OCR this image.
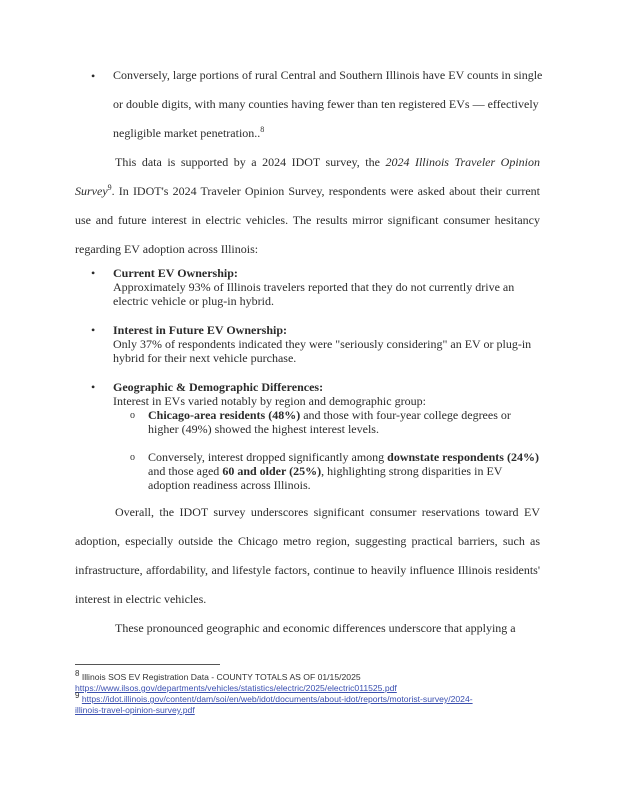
• Conversely, large portions of rural Central and Southern Illinois have EV counts in single
or double digits, with many counties having fewer than ten registered EVs — effectively
negligible market penetration..$^8$

This data is supported by a 2024 IDOT survey, the 2024 Illinois Traveler Opinion Survey$^9$. In IDOT's 2024 Traveler Opinion Survey, respondents were asked about their current use and future interest in electric vehicles. The results mirror significant consumer hesitancy regarding EV adoption across Illinois:

• Current EV Ownership:
Approximately 93% of Illinois travelers reported that they do not currently drive an electric vehicle or plug-in hybrid.
• Interest in Future EV Ownership:
Only 37% of respondents indicated they were "seriously considering" an EV or plug-in hybrid for their next vehicle purchase.
• Geographic & Demographic Differences:
Interest in EVs varied notably by region and demographic group:
o Chicago-area residents (48%) and those with four-year college degrees or higher (49%) showed the highest interest levels.
o Conversely, interest dropped significantly among downstate respondents (24%) and those aged 60 and older (25%), highlighting strong disparities in EV adoption readiness across Illinois.

Overall, the IDOT survey underscores significant consumer reservations toward EV adoption, especially outside the Chicago metro region, suggesting practical barriers, such as infrastructure, affordability, and lifestyle factors, continue to heavily influence Illinois residents' interest in electric vehicles.

These pronounced geographic and economic differences underscore that applying a

$^8$ Illinois SOS EV Registration Data - COUNTY TOTALS AS OF 01/15/2025
https://www.ilsos.gov/departments/vehicles/statistics/electric/2025/electric011525.pdf
$^9$ https://idot.illinois.gov/content/dam/soi/en/web/idot/documents/about-idot/reports/motorist-survey/2024-
illinois-travel-opinion-survey.pdf
